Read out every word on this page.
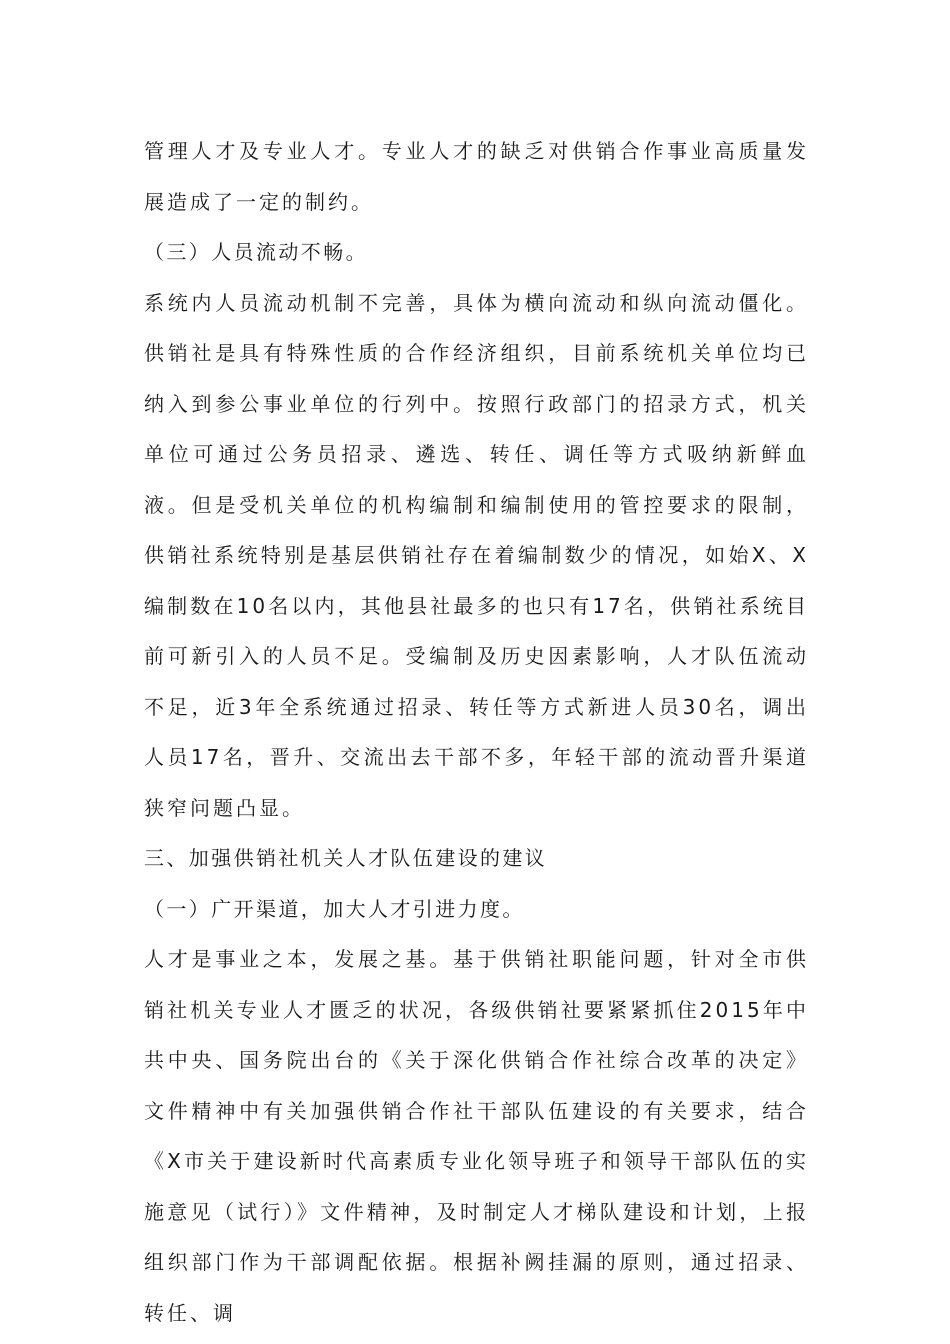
管理人才及专业人才。专业人才的缺乏对供销合作事业高质量发展造成了一定的制约。

（三）人员流动不畅。

系统内人员流动机制不完善，具体为横向流动和纵向流动僵化。供销社是具有特殊性质的合作经济组织，目前系统机关单位均已纳入到参公事业单位的行列中。按照行政部门的招录方式，机关单位可通过公务员招录、遴选、转任、调任等方式吸纳新鲜血液。但是受机关单位的机构编制和编制使用的管控要求的限制，供销社系统特别是基层供销社存在着编制数少的情况，如始X、X编制数在10名以内，其他县社最多的也只有17名，供销社系统目前可新引入的人员不足。受编制及历史因素影响，人才队伍流动不足，近3年全系统通过招录、转任等方式新进人员30名，调出人员17名，晋升、交流出去干部不多，年轻干部的流动晋升渠道狭窄问题凸显。

三、加强供销社机关人才队伍建设的建议

（一）广开渠道，加大人才引进力度。

人才是事业之本，发展之基。基于供销社职能问题，针对全市供销社机关专业人才匮乏的状况，各级供销社要紧紧抓住2015年中共中央、国务院出台的《关于深化供销合作社综合改革的决定》文件精神中有关加强供销合作社干部队伍建设的有关要求，结合《X市关于建设新时代高素质专业化领导班子和领导干部队伍的实施意见（试行）》文件精神，及时制定人才梯队建设和计划，上报组织部门作为干部调配依据。根据补阙挂漏的原则，通过招录、转任、调
